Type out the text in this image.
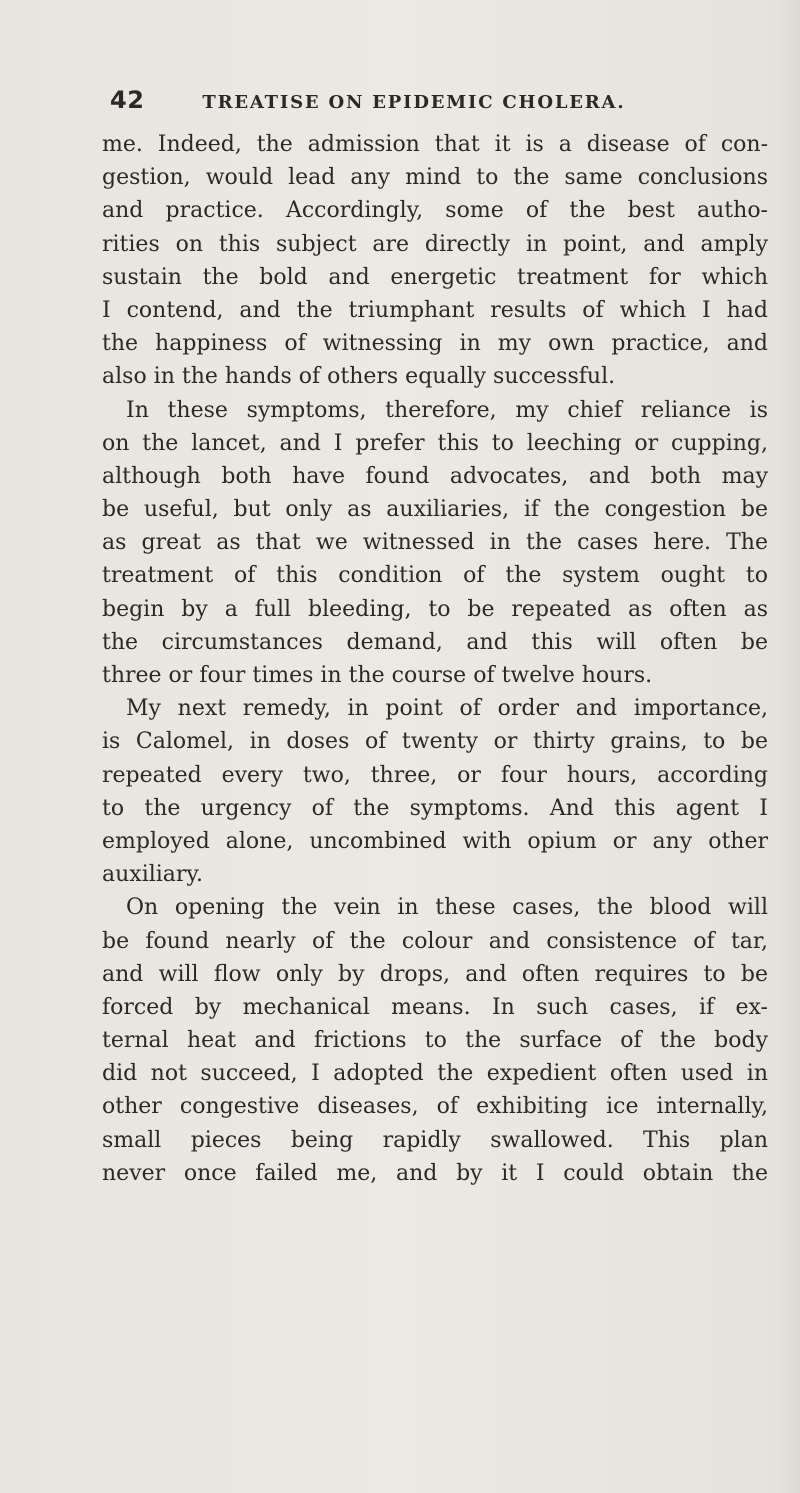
42	TREATISE ON EPIDEMIC CHOLERA.
me. Indeed, the admission that it is a disease of con-
gestion, would lead any mind to the same conclusions
and practice. Accordingly, some of the best autho-
rities on this subject are directly in point, and amply
sustain the bold and energetic treatment for which
I contend, and the triumphant results of which I had
the happiness of witnessing in my own practice, and
also in the hands of others equally successful.
In these symptoms, therefore, my chief reliance is
on the lancet, and I prefer this to leeching or cupping,
although both have found advocates, and both may
be useful, but only as auxiliaries, if the congestion be
as great as that we witnessed in the cases here. The
treatment of this condition of the system ought to
begin by a full bleeding, to be repeated as often as
the circumstances demand, and this will often be
three or four times in the course of twelve hours.
My next remedy, in point of order and importance,
is Calomel, in doses of twenty or thirty grains, to be
repeated every two, three, or four hours, according
to the urgency of the symptoms. And this agent I
employed alone, uncombined with opium or any other
auxiliary.
On opening the vein in these cases, the blood will
be found nearly of the colour and consistence of tar,
and will flow only by drops, and often requires to be
forced by mechanical means. In such cases, if ex-
ternal heat and frictions to the surface of the body
did not succeed, I adopted the expedient often used in
other congestive diseases, of exhibiting ice internally,
small pieces being rapidly swallowed. This plan
never once failed me, and by it I could obtain the
